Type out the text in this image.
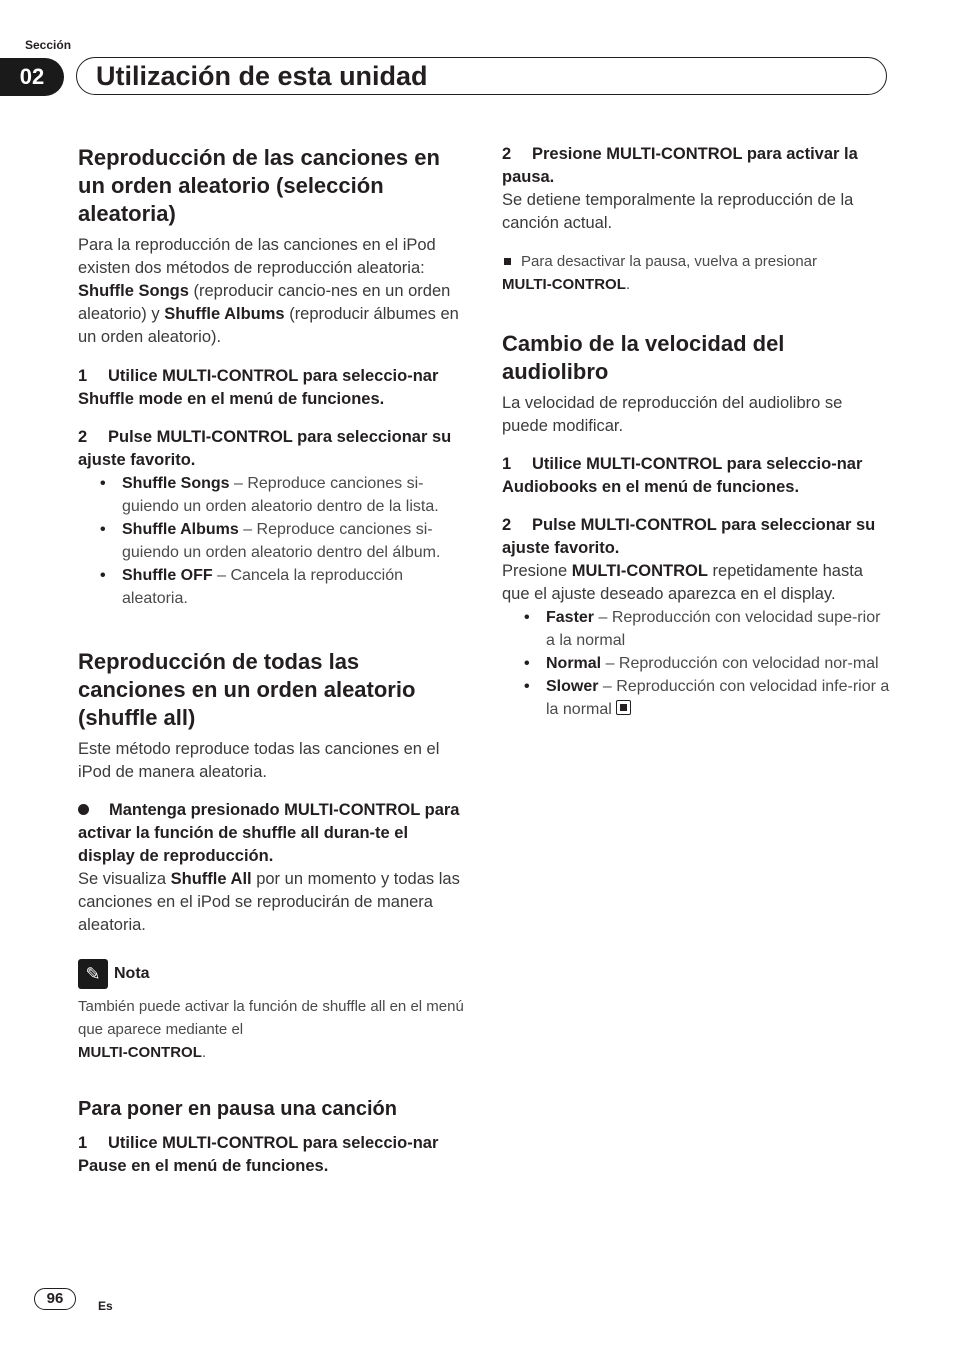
Sección
02	Utilización de esta unidad

Reproducción de las canciones en un orden aleatorio (selección aleatoria)

Para la reproducción de las canciones en el iPod existen dos métodos de reproducción aleatoria: Shuffle Songs (reproducir cancio-nes en un orden aleatorio) y Shuffle Albums (reproducir álbumes en un orden aleatorio).

1 Utilice MULTI-CONTROL para seleccio-nar Shuffle mode en el menú de funciones.

2 Pulse MULTI-CONTROL para seleccionar su ajuste favorito.

• Shuffle Songs – Reproduce canciones si-guiendo un orden aleatorio dentro de la lista.
• Shuffle Albums – Reproduce canciones si-guiendo un orden aleatorio dentro del álbum.
• Shuffle OFF – Cancela la reproducción aleatoria.

Reproducción de todas las canciones en un orden aleatorio (shuffle all)

Este método reproduce todas las canciones en el iPod de manera aleatoria.

Mantenga presionado MULTI-CONTROL para activar la función de shuffle all duran-te el display de reproducción.

Se visualiza Shuffle All por un momento y todas las canciones en el iPod se reproducirán de manera aleatoria.

✎ Nota

También puede activar la función de shuffle all en el menú que aparece mediante el
MULTI-CONTROL.

Para poner en pausa una canción

1 Utilice MULTI-CONTROL para seleccio-nar Pause en el menú de funciones.

2 Presione MULTI-CONTROL para activar la pausa.

Se detiene temporalmente la reproducción de la canción actual.

Para desactivar la pausa, vuelva a presionar
MULTI-CONTROL.

Cambio de la velocidad del audiolibro

La velocidad de reproducción del audiolibro se puede modificar.

1 Utilice MULTI-CONTROL para seleccio-nar Audiobooks en el menú de funciones.

2 Pulse MULTI-CONTROL para seleccionar su ajuste favorito.

Presione MULTI-CONTROL repetidamente hasta que el ajuste deseado aparezca en el display.

• Faster – Reproducción con velocidad supe-rior a la normal
• Normal – Reproducción con velocidad nor-mal
• Slower – Reproducción con velocidad infe-rior a la normal
96	Es
